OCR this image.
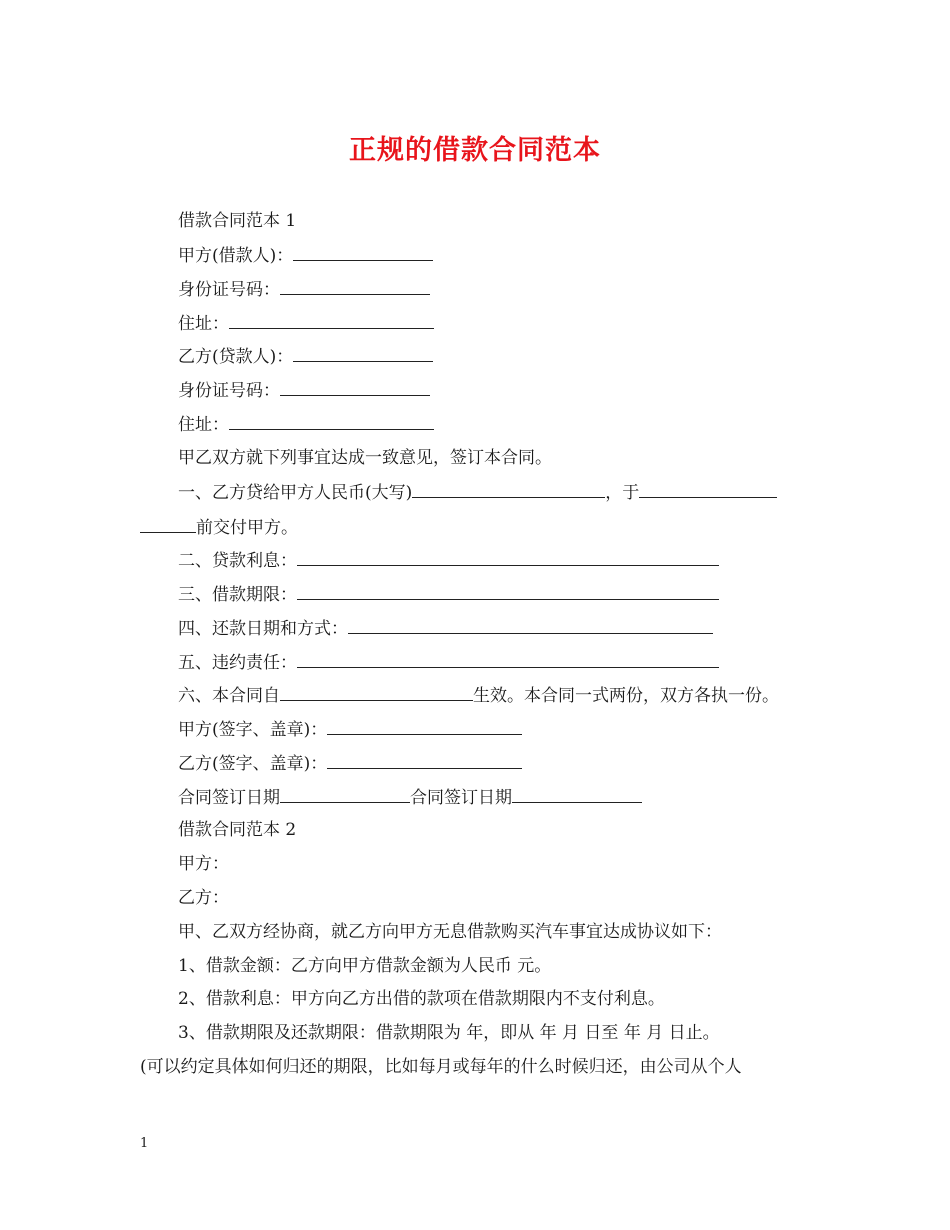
正规的借款合同范本
借款合同范本 1
甲方(借款人)：
身份证号码：
住址：
乙方(贷款人)：
身份证号码：
住址：
甲乙双方就下列事宜达成一致意见，签订本合同。
一、乙方贷给甲方人民币(大写)	，于
前交付甲方。
二、贷款利息：
三、借款期限：
四、还款日期和方式：
五、违约责任：
六、本合同自	生效。本合同一式两份，双方各执一份。
甲方(签字、盖章)：
乙方(签字、盖章)：
合同签订日期	合同签订日期
借款合同范本 2
甲方：
乙方：
甲、乙双方经协商，就乙方向甲方无息借款购买汽车事宜达成协议如下：
1、借款金额：乙方向甲方借款金额为人民币 元。
2、借款利息：甲方向乙方出借的款项在借款期限内不支付利息。
3、借款期限及还款期限：借款期限为 年，即从 年 月 日至 年 月 日止。
(可以约定具体如何归还的期限，比如每月或每年的什么时候归还，由公司从个人
1
